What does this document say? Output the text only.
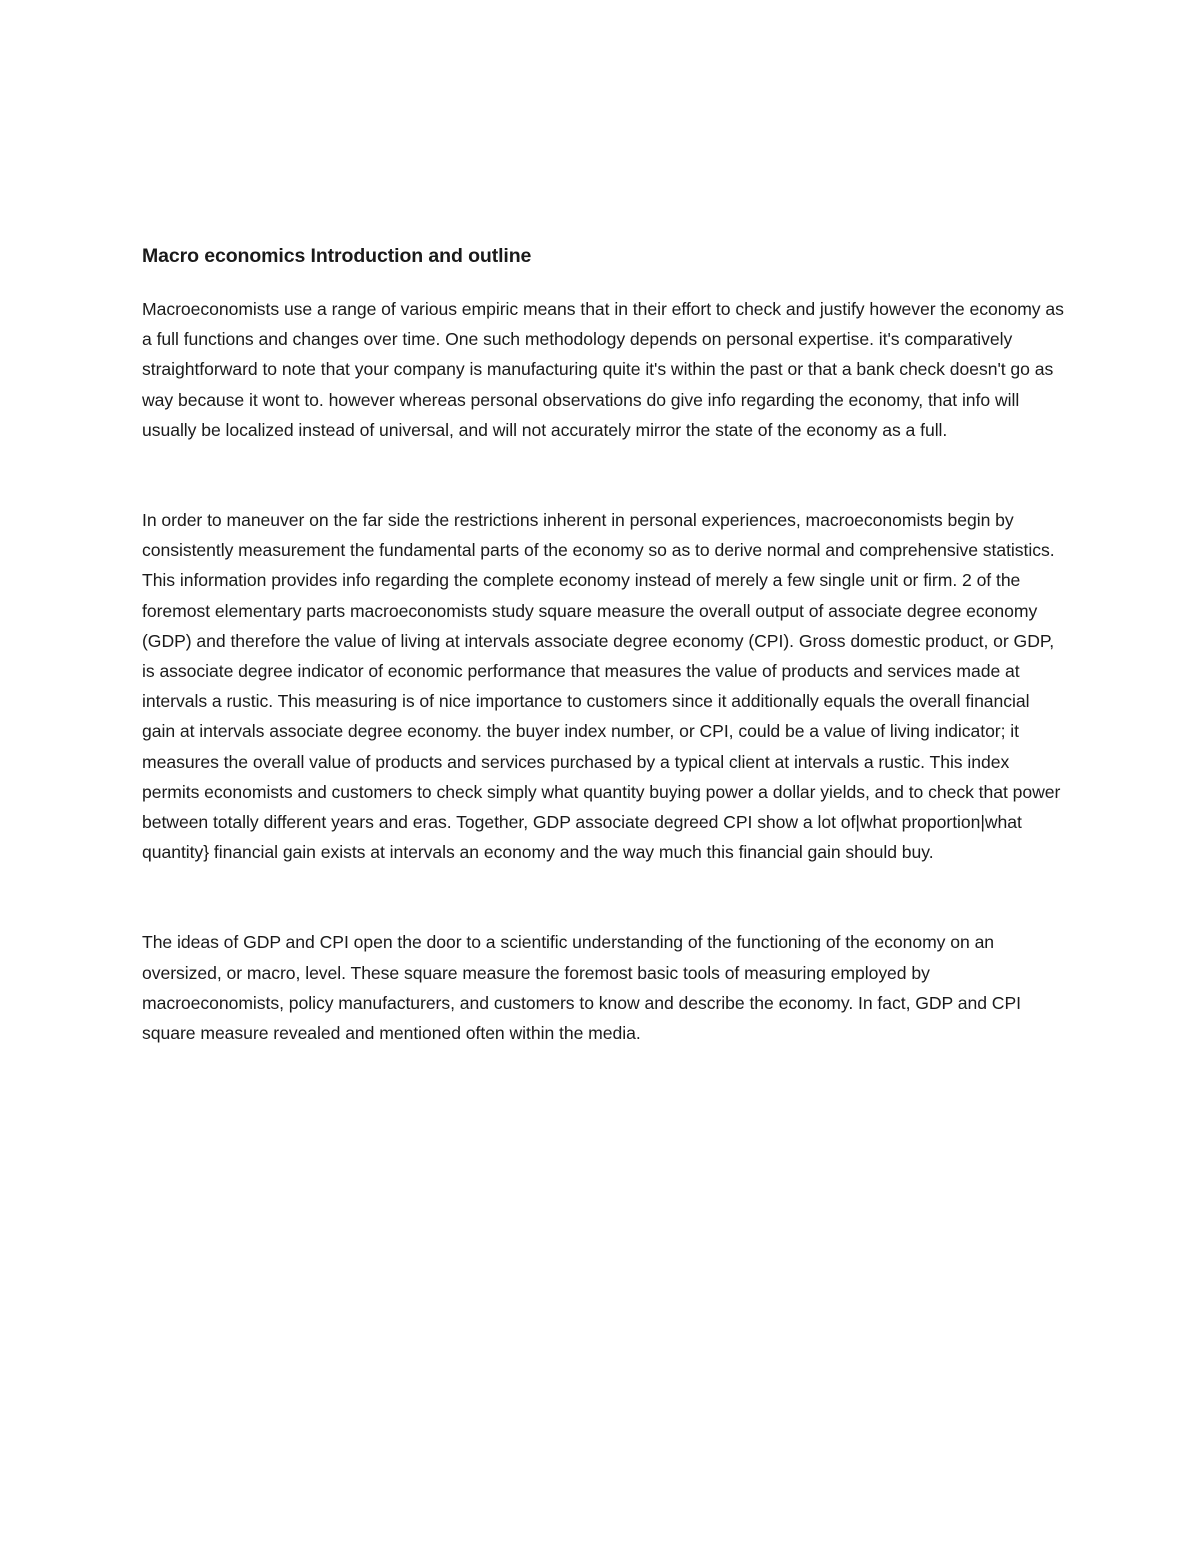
Macro economics Introduction and outline

Macroeconomists use a range of various empiric means that in their effort to check and justify however the economy as a full functions and changes over time. One such methodology depends on personal expertise. it's comparatively straightforward to note that your company is manufacturing quite it's within the past or that a bank check doesn't go as way because it wont to. however whereas personal observations do give info regarding the economy, that info will usually be localized instead of universal, and will not accurately mirror the state of the economy as a full.

In order to maneuver on the far side the restrictions inherent in personal experiences, macroeconomists begin by consistently measurement the fundamental parts of the economy so as to derive normal and comprehensive statistics. This information provides info regarding the complete economy instead of merely a few single unit or firm. 2 of the foremost elementary parts macroeconomists study square measure the overall output of associate degree economy (GDP) and therefore the value of living at intervals associate degree economy (CPI). Gross domestic product, or GDP, is associate degree indicator of economic performance that measures the value of products and services made at intervals a rustic. This measuring is of nice importance to customers since it additionally equals the overall financial gain at intervals associate degree economy. the buyer index number, or CPI, could be a value of living indicator; it measures the overall value of products and services purchased by a typical client at intervals a rustic. This index permits economists and customers to check simply what quantity buying power a dollar yields, and to check that power between totally different years and eras. Together, GDP associate degreed CPI show a lot of|what proportion|what quantity} financial gain exists at intervals an economy and the way much this financial gain should buy.

The ideas of GDP and CPI open the door to a scientific understanding of the functioning of the economy on an oversized, or macro, level. These square measure the foremost basic tools of measuring employed by macroeconomists, policy manufacturers, and customers to know and describe the economy. In fact, GDP and CPI square measure revealed and mentioned often within the media.
